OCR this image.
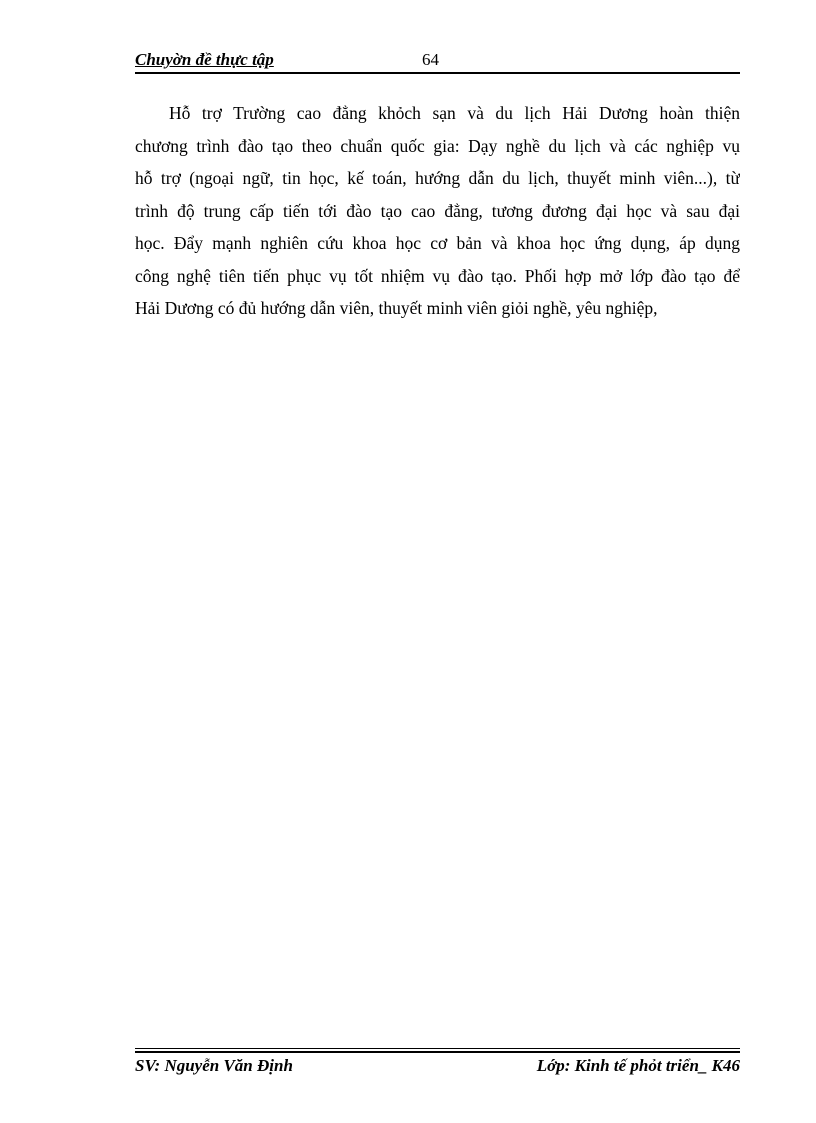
Chuyờn đề thực tập	64
Hỗ trợ Trường cao đẳng khỏch sạn và du lịch Hải Dương hoàn thiện
chương trình đào tạo theo chuẩn quốc gia: Dạy nghề du lịch và các nghiệp vụ
hỗ trợ (ngoại ngữ, tin học, kế toán, hướng dẫn du lịch, thuyết minh viên...), từ
trình độ trung cấp tiến tới đào tạo cao đẳng, tương đương đại học và sau đại
học. Đẩy mạnh nghiên cứu khoa học cơ bản và khoa học ứng dụng, áp dụng
công nghệ tiên tiến phục vụ tốt nhiệm vụ đào tạo. Phối hợp mở lớp đào tạo để
Hải Dương có đủ hướng dẫn viên, thuyết minh viên giỏi nghề, yêu nghiệp,
SV: Nguyễn Văn Định	Lớp: Kinh tế phỏt triển_ K46
